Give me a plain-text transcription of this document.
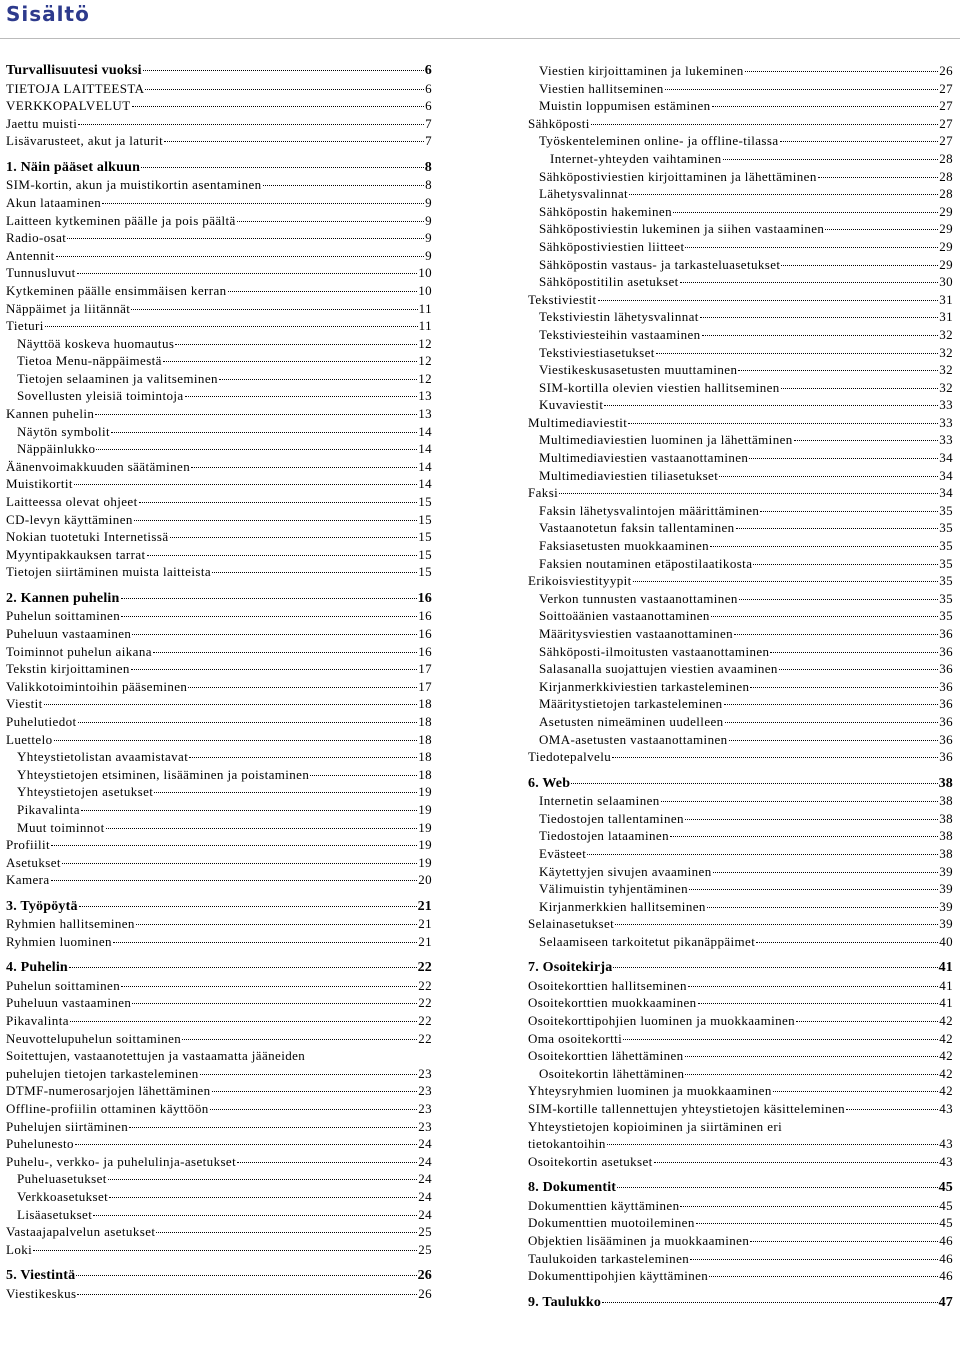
Sisältö
Turvallisuutesi vuoksi	6
TIETOJA LAITTEESTA	6
VERKKOPALVELUT	6
Jaettu muisti	7
Lisävarusteet, akut ja laturit	7
1. Näin pääset alkuun	8
SIM-kortin, akun ja muistikortin asentaminen	8
Akun lataaminen	9
Laitteen kytkeminen päälle ja pois päältä	9
Radio-osat	9
Antennit	9
Tunnusluvut	10
Kytkeminen päälle ensimmäisen kerran	10
Näppäimet ja liitännät	11
Tieturi	11
Näyttöä koskeva huomautus	12
Tietoa Menu-näppäimestä	12
Tietojen selaaminen ja valitseminen	12
Sovellusten yleisiä toimintoja	13
Kannen puhelin	13
Näytön symbolit	14
Näppäinlukko	14
Äänenvoimakkuuden säätäminen	14
Muistikortit	14
Laitteessa olevat ohjeet	15
CD-levyn käyttäminen	15
Nokian tuotetuki Internetissä	15
Myyntipakkauksen tarrat	15
Tietojen siirtäminen muista laitteista	15
2. Kannen puhelin	16
Puhelun soittaminen	16
Puheluun vastaaminen	16
Toiminnot puhelun aikana	16
Tekstin kirjoittaminen	17
Valikkotoimintoihin pääseminen	17
Viestit	18
Puhelutiedot	18
Luettelo	18
Yhteystietolistan avaamistavat	18
Yhteystietojen etsiminen, lisääminen ja poistaminen	18
Yhteystietojen asetukset	19
Pikavalinta	19
Muut toiminnot	19
Profiilit	19
Asetukset	19
Kamera	20
3. Työpöytä	21
Ryhmien hallitseminen	21
Ryhmien luominen	21
4. Puhelin	22
Puhelun soittaminen	22
Puheluun vastaaminen	22
Pikavalinta	22
Neuvottelupuhelun soittaminen	22
Soitettujen, vastaanotettujen ja vastaamatta jääneiden
puhelujen tietojen tarkasteleminen	23
DTMF-numerosarjojen lähettäminen	23
Offline-profiilin ottaminen käyttöön	23
Puhelujen siirtäminen	23
Puhelunesto	24
Puhelu-, verkko- ja puhelulinja-asetukset	24
Puheluasetukset	24
Verkkoasetukset	24
Lisäasetukset	24
Vastaajapalvelun asetukset	25
Loki	25
5. Viestintä	26
Viestikeskus	26
Viestien kirjoittaminen ja lukeminen	26
Viestien hallitseminen	27
Muistin loppumisen estäminen	27
Sähköposti	27
Työskenteleminen online- ja offline-tilassa	27
Internet-yhteyden vaihtaminen	28
Sähköpostiviestien kirjoittaminen ja lähettäminen	28
Lähetysvalinnat	28
Sähköpostin hakeminen	29
Sähköpostiviestin lukeminen ja siihen vastaaminen	29
Sähköpostiviestien liitteet	29
Sähköpostin vastaus- ja tarkasteluasetukset	29
Sähköpostitilin asetukset	30
Tekstiviestit	31
Tekstiviestin lähetysvalinnat	31
Tekstiviesteihin vastaaminen	32
Tekstiviestiasetukset	32
Viestikeskusasetusten muuttaminen	32
SIM-kortilla olevien viestien hallitseminen	32
Kuvaviestit	33
Multimediaviestit	33
Multimediaviestien luominen ja lähettäminen	33
Multimediaviestien vastaanottaminen	34
Multimediaviestien tiliasetukset	34
Faksi	34
Faksin lähetysvalintojen määrittäminen	35
Vastaanotetun faksin tallentaminen	35
Faksiasetusten muokkaaminen	35
Faksien noutaminen etäpostilaatikosta	35
Erikoisviestityypit	35
Verkon tunnusten vastaanottaminen	35
Soittoäänien vastaanottaminen	35
Määritysviestien vastaanottaminen	36
Sähköposti-ilmoitusten vastaanottaminen	36
Salasanalla suojattujen viestien avaaminen	36
Kirjanmerkkiviestien tarkasteleminen	36
Määritystietojen tarkasteleminen	36
Asetusten nimeäminen uudelleen	36
OMA-asetusten vastaanottaminen	36
Tiedotepalvelu	36
6. Web	38
Internetin selaaminen	38
Tiedostojen tallentaminen	38
Tiedostojen lataaminen	38
Evästeet	38
Käytettyjen sivujen avaaminen	39
Välimuistin tyhjentäminen	39
Kirjanmerkkien hallitseminen	39
Selainasetukset	39
Selaamiseen tarkoitetut pikanäppäimet	40
7. Osoitekirja	41
Osoitekorttien hallitseminen	41
Osoitekorttien muokkaaminen	41
Osoitekorttipohjien luominen ja muokkaaminen	42
Oma osoitekortti	42
Osoitekorttien lähettäminen	42
Osoitekortin lähettäminen	42
Yhteysryhmien luominen ja muokkaaminen	42
SIM-kortille tallennettujen yhteystietojen käsitteleminen	43
Yhteystietojen kopioiminen ja siirtäminen eri
tietokantoihin	43
Osoitekortin asetukset	43
8. Dokumentit	45
Dokumenttien käyttäminen	45
Dokumenttien muotoileminen	45
Objektien lisääminen ja muokkaaminen	46
Taulukoiden tarkasteleminen	46
Dokumenttipohjien käyttäminen	46
9. Taulukko	47
